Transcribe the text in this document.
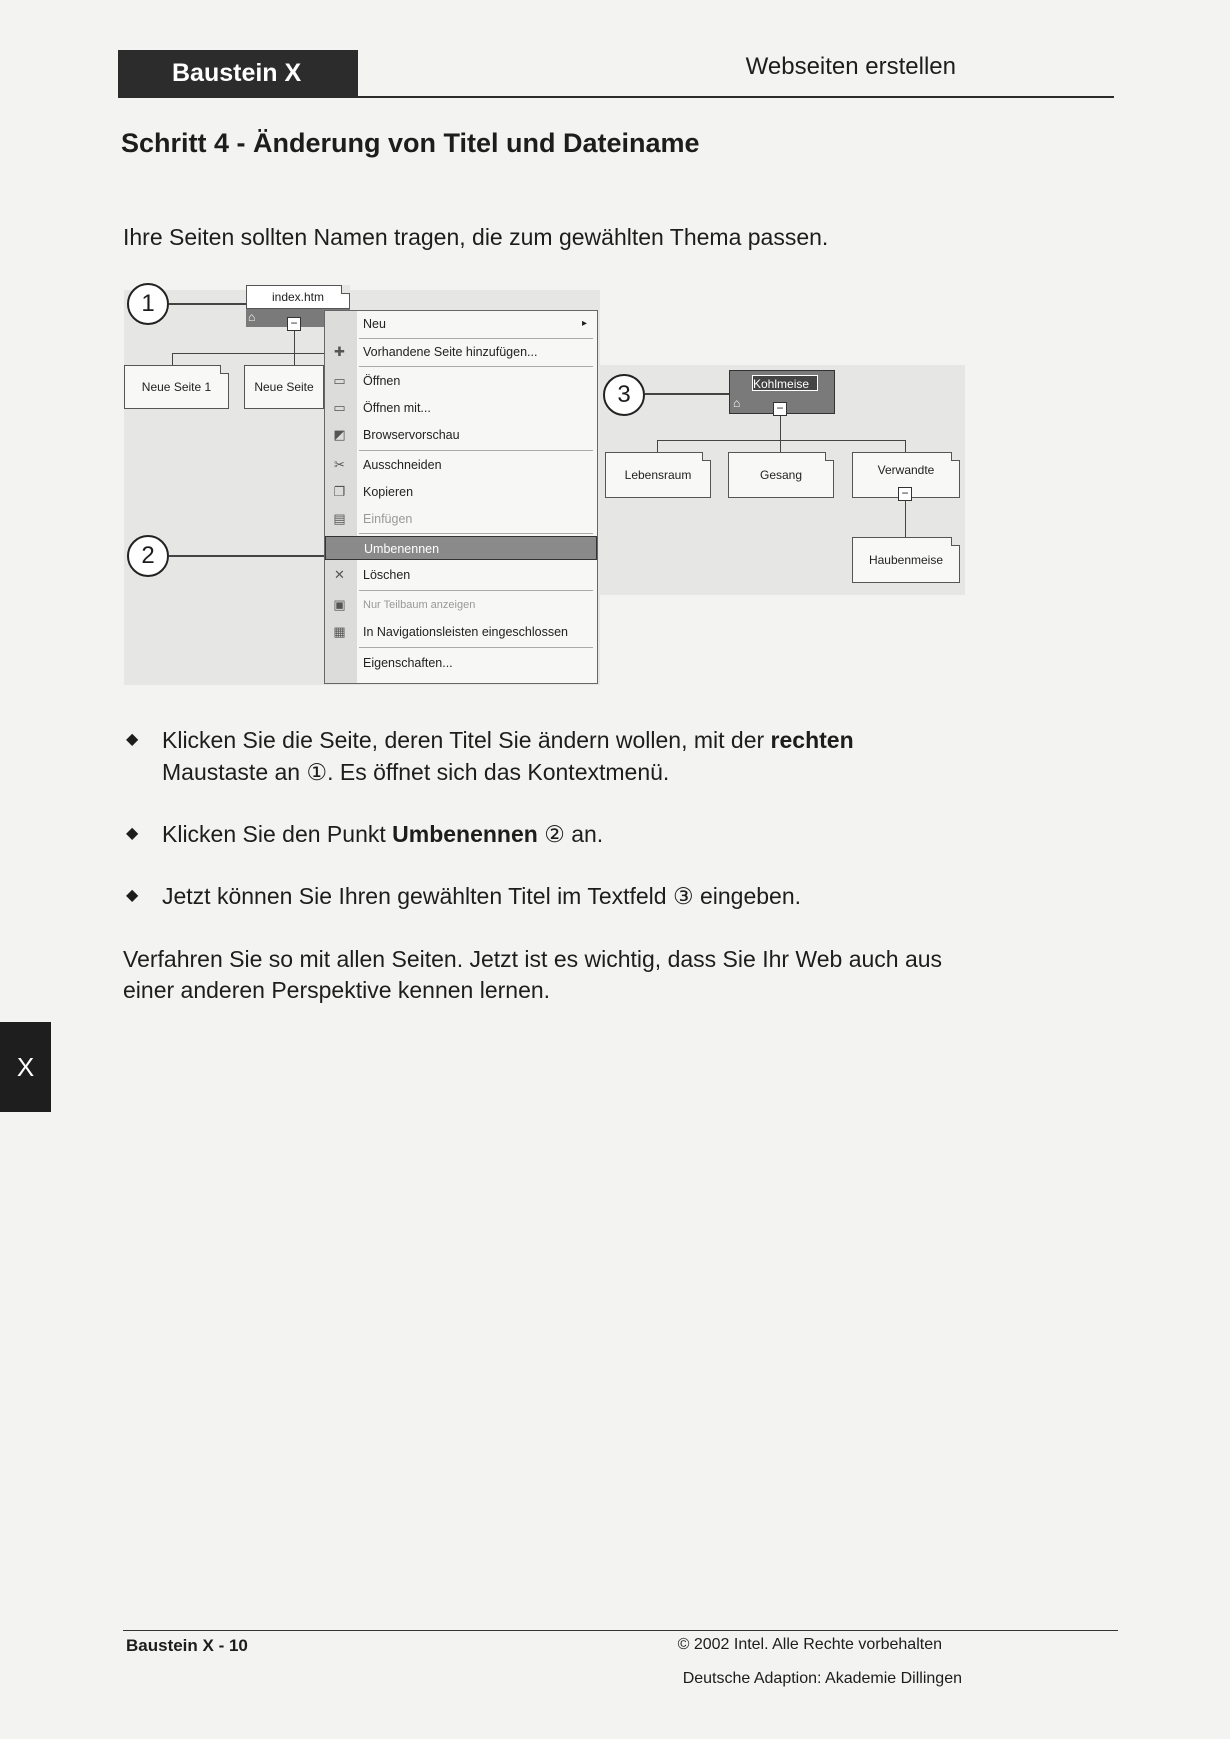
Baustein X	Webseiten erstellen
Schritt 4 - Änderung von Titel und Dateiname
Ihre Seiten sollten Namen tragen, die zum gewählten Thema passen.
index.htm
⌂	−
Neue Seite 1	Neue Seite
1
2
Neu	▸
✚ Vorhandene Seite hinzufügen...
▭ Öffnen
▭ Öffnen mit...
◩ Browservorschau
✂ Ausschneiden
❐ Kopieren
▤ Einfügen
Umbenennen
✕ Löschen
▣ Nur Teilbaum anzeigen
▦ In Navigationsleisten eingeschlossen
Eigenschaften...
3	Kohlmeise
⌂	−
Lebensraum	Gesang	Verwandte
−
Haubenmeise
◆ Klicken Sie die Seite, deren Titel Sie ändern wollen, mit der rechten Maustaste an ①. Es öffnet sich das Kontextmenü.
◆ Klicken Sie den Punkt Umbenennen ② an.
◆ Jetzt können Sie Ihren gewählten Titel im Textfeld ③ eingeben.
Verfahren Sie so mit allen Seiten. Jetzt ist es wichtig, dass Sie Ihr Web auch aus einer anderen Perspektive kennen lernen.
X
Baustein X - 10	© 2002 Intel. Alle Rechte vorbehalten
Deutsche Adaption: Akademie Dillingen
